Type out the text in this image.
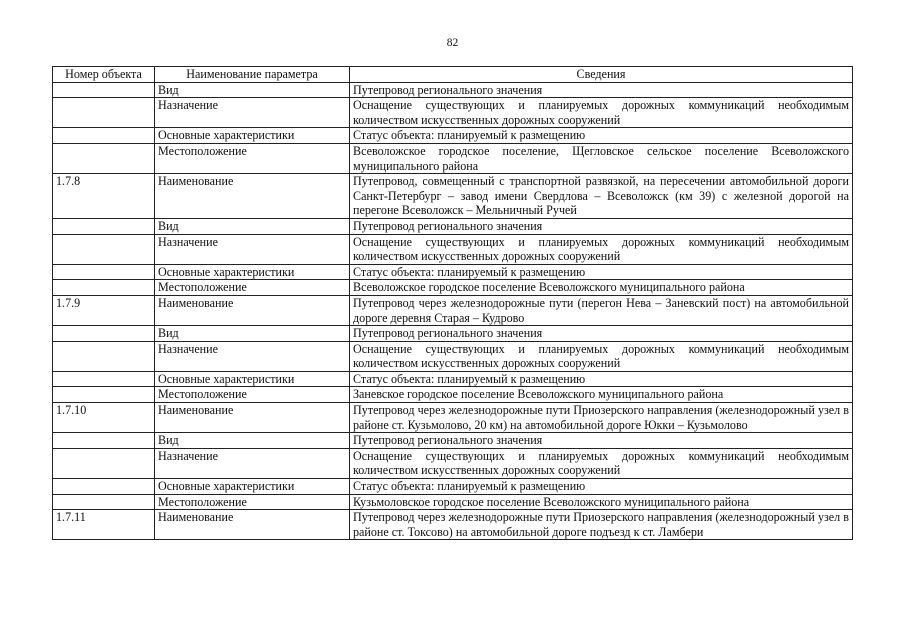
82
Номер объекта	Наименование параметра	Сведения
	Вид	Путепровод регионального значения
	Назначение	Оснащение существующих и планируемых дорожных коммуникаций необходимым количеством искусственных дорожных сооружений
	Основные характеристики	Статус объекта: планируемый к размещению
	Местоположение	Всеволожское городское поселение, Щегловское сельское поселение Всеволожского муниципального района
1.7.8	Наименование	Путепровод, совмещенный с транспортной развязкой, на пересечении автомобильной дороги Санкт-Петербург – завод имени Свердлова – Всеволожск (км 39) с железной дорогой на перегоне Всеволожск – Мельничный Ручей
	Вид	Путепровод регионального значения
	Назначение	Оснащение существующих и планируемых дорожных коммуникаций необходимым количеством искусственных дорожных сооружений
	Основные характеристики	Статус объекта: планируемый к размещению
	Местоположение	Всеволожское городское поселение Всеволожского муниципального района
1.7.9	Наименование	Путепровод через железнодорожные пути (перегон Нева – Заневский пост) на автомобильной дороге деревня Старая – Кудрово
	Вид	Путепровод регионального значения
	Назначение	Оснащение существующих и планируемых дорожных коммуникаций необходимым количеством искусственных дорожных сооружений
	Основные характеристики	Статус объекта: планируемый к размещению
	Местоположение	Заневское городское поселение Всеволожского муниципального района
1.7.10	Наименование	Путепровод через железнодорожные пути Приозерского направления (железнодорожный узел в районе ст. Кузьмолово, 20 км) на автомобильной дороге Юкки – Кузьмолово
	Вид	Путепровод регионального значения
	Назначение	Оснащение существующих и планируемых дорожных коммуникаций необходимым количеством искусственных дорожных сооружений
	Основные характеристики	Статус объекта: планируемый к размещению
	Местоположение	Кузьмоловское городское поселение Всеволожского муниципального района
1.7.11	Наименование	Путепровод через железнодорожные пути Приозерского направления (железнодорожный узел в районе ст. Токсово) на автомобильной дороге подъезд к ст. Ламбери
